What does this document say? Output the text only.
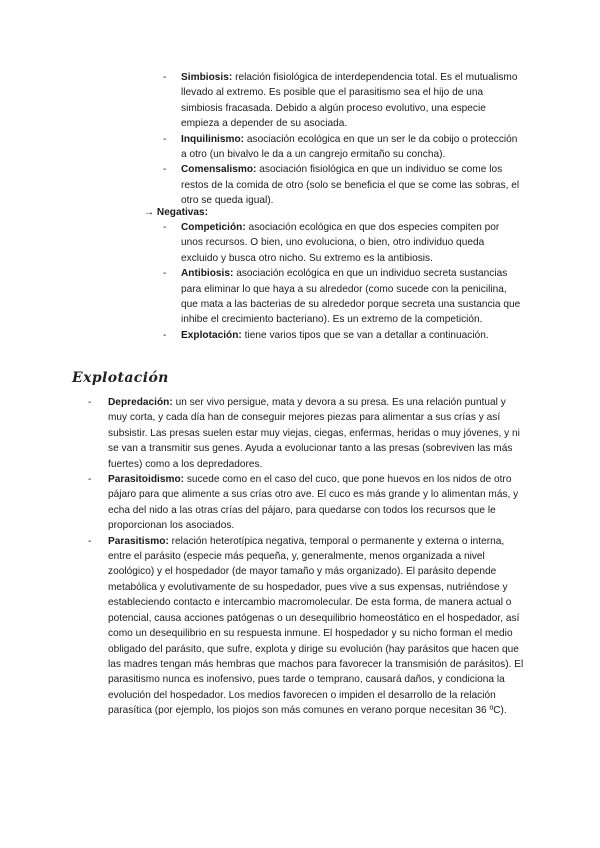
- Simbiosis: relación fisiológica de interdependencia total. Es el mutualismo llevado al extremo. Es posible que el parasitismo sea el hijo de una simbiosis fracasada. Debido a algún proceso evolutivo, una especie empieza a depender de su asociada.
- Inquilinismo: asociación ecológica en que un ser le da cobijo o protección a otro (un bivalvo le da a un cangrejo ermitaño su concha).
- Comensalismo: asociación fisiológica en que un individuo se come los restos de la comida de otro (solo se beneficia el que se come las sobras, el otro se queda igual).
→ Negativas:
- Competición: asociación ecológica en que dos especies compiten por unos recursos. O bien, uno evoluciona, o bien, otro individuo queda excluido y busca otro nicho. Su extremo es la antibiosis.
- Antibiosis: asociación ecológica en que un individuo secreta sustancias para eliminar lo que haya a su alrededor (como sucede con la penicilina, que mata a las bacterias de su alrededor porque secreta una sustancia que inhibe el crecimiento bacteriano). Es un extremo de la competición.
- Explotación: tiene varios tipos que se van a detallar a continuación.
Explotación
- Depredación: un ser vivo persigue, mata y devora a su presa. Es una relación puntual y muy corta, y cada día han de conseguir mejores piezas para alimentar a sus crías y así subsistir. Las presas suelen estar muy viejas, ciegas, enfermas, heridas o muy jóvenes, y ni se van a transmitir sus genes. Ayuda a evolucionar tanto a las presas (sobreviven las más fuertes) como a los depredadores.
- Parasitoidismo: sucede como en el caso del cuco, que pone huevos en los nidos de otro pájaro para que alimente a sus crías otro ave. El cuco es más grande y lo alimentan más, y echa del nido a las otras crías del pájaro, para quedarse con todos los recursos que le proporcionan los asociados.
- Parasitismo: relación heterotípica negativa, temporal o permanente y externa o interna, entre el parásito (especie más pequeña, y, generalmente, menos organizada a nivel zoológico) y el hospedador (de mayor tamaño y más organizado). El parásito depende metabólica y evolutivamente de su hospedador, pues vive a sus expensas, nutriéndose y estableciendo contacto e intercambio macromolecular. De esta forma, de manera actual o potencial, causa acciones patógenas o un desequilibrio homeostático en el hospedador, así como un desequilibrio en su respuesta inmune. El hospedador y su nicho forman el medio obligado del parásito, que sufre, explota y dirige su evolución (hay parásitos que hacen que las madres tengan más hembras que machos para favorecer la transmisión de parásitos). El parasitismo nunca es inofensivo, pues tarde o temprano, causará daños, y condiciona la evolución del hospedador. Los medios favorecen o impiden el desarrollo de la relación parasítica (por ejemplo, los piojos son más comunes en verano porque necesitan 36 ºC).
